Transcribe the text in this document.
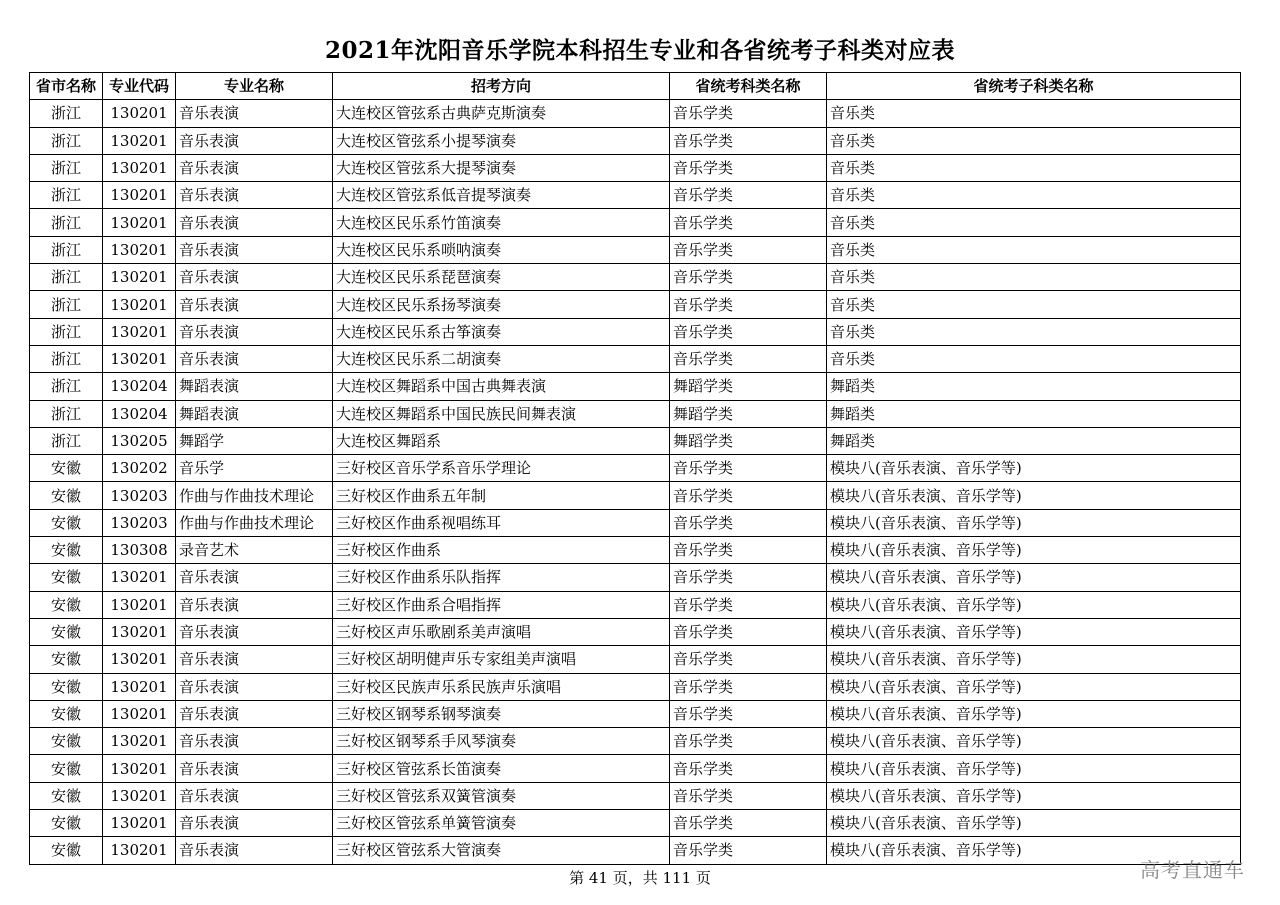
2021年沈阳音乐学院本科招生专业和各省统考子科类对应表
省市名称	专业代码	专业名称	招考方向	省统考科类名称	省统考子科类名称
浙江	130201	音乐表演	大连校区管弦系古典萨克斯演奏	音乐学类	音乐类
浙江	130201	音乐表演	大连校区管弦系小提琴演奏	音乐学类	音乐类
浙江	130201	音乐表演	大连校区管弦系大提琴演奏	音乐学类	音乐类
浙江	130201	音乐表演	大连校区管弦系低音提琴演奏	音乐学类	音乐类
浙江	130201	音乐表演	大连校区民乐系竹笛演奏	音乐学类	音乐类
浙江	130201	音乐表演	大连校区民乐系唢呐演奏	音乐学类	音乐类
浙江	130201	音乐表演	大连校区民乐系琵琶演奏	音乐学类	音乐类
浙江	130201	音乐表演	大连校区民乐系扬琴演奏	音乐学类	音乐类
浙江	130201	音乐表演	大连校区民乐系古筝演奏	音乐学类	音乐类
浙江	130201	音乐表演	大连校区民乐系二胡演奏	音乐学类	音乐类
浙江	130204	舞蹈表演	大连校区舞蹈系中国古典舞表演	舞蹈学类	舞蹈类
浙江	130204	舞蹈表演	大连校区舞蹈系中国民族民间舞表演	舞蹈学类	舞蹈类
浙江	130205	舞蹈学	大连校区舞蹈系	舞蹈学类	舞蹈类
安徽	130202	音乐学	三好校区音乐学系音乐学理论	音乐学类	模块八(音乐表演、音乐学等)
安徽	130203	作曲与作曲技术理论	三好校区作曲系五年制	音乐学类	模块八(音乐表演、音乐学等)
安徽	130203	作曲与作曲技术理论	三好校区作曲系视唱练耳	音乐学类	模块八(音乐表演、音乐学等)
安徽	130308	录音艺术	三好校区作曲系	音乐学类	模块八(音乐表演、音乐学等)
安徽	130201	音乐表演	三好校区作曲系乐队指挥	音乐学类	模块八(音乐表演、音乐学等)
安徽	130201	音乐表演	三好校区作曲系合唱指挥	音乐学类	模块八(音乐表演、音乐学等)
安徽	130201	音乐表演	三好校区声乐歌剧系美声演唱	音乐学类	模块八(音乐表演、音乐学等)
安徽	130201	音乐表演	三好校区胡明健声乐专家组美声演唱	音乐学类	模块八(音乐表演、音乐学等)
安徽	130201	音乐表演	三好校区民族声乐系民族声乐演唱	音乐学类	模块八(音乐表演、音乐学等)
安徽	130201	音乐表演	三好校区钢琴系钢琴演奏	音乐学类	模块八(音乐表演、音乐学等)
安徽	130201	音乐表演	三好校区钢琴系手风琴演奏	音乐学类	模块八(音乐表演、音乐学等)
安徽	130201	音乐表演	三好校区管弦系长笛演奏	音乐学类	模块八(音乐表演、音乐学等)
安徽	130201	音乐表演	三好校区管弦系双簧管演奏	音乐学类	模块八(音乐表演、音乐学等)
安徽	130201	音乐表演	三好校区管弦系单簧管演奏	音乐学类	模块八(音乐表演、音乐学等)
安徽	130201	音乐表演	三好校区管弦系大管演奏	音乐学类	模块八(音乐表演、音乐学等)
第 41 页，共 111 页	高考直通车
